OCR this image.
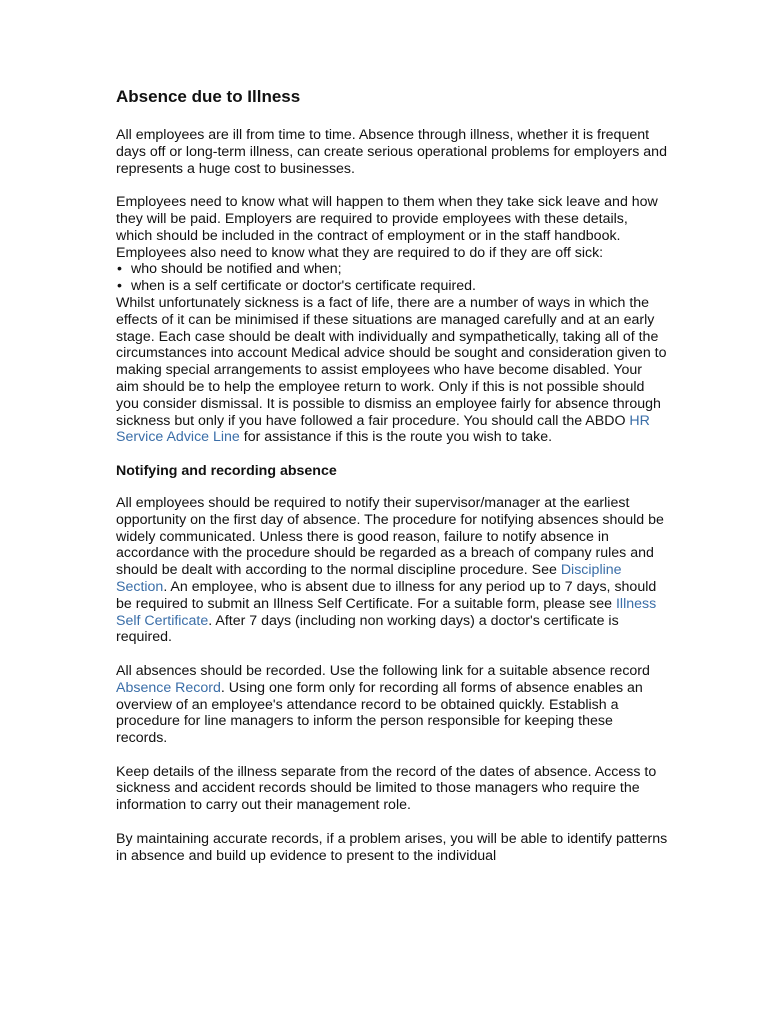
Absence due to Illness

All employees are ill from time to time. Absence through illness, whether it is frequent days off or long-term illness, can create serious operational problems for employers and represents a huge cost to businesses.

Employees need to know what will happen to them when they take sick leave and how they will be paid. Employers are required to provide employees with these details, which should be included in the contract of employment or in the staff handbook. Employees also need to know what they are required to do if they are off sick:

• who should be notified and when;
• when is a self certificate or doctor's certificate required.

Whilst unfortunately sickness is a fact of life, there are a number of ways in which the effects of it can be minimised if these situations are managed carefully and at an early stage. Each case should be dealt with individually and sympathetically, taking all of the circumstances into account Medical advice should be sought and consideration given to making special arrangements to assist employees who have become disabled. Your aim should be to help the employee return to work. Only if this is not possible should you consider dismissal. It is possible to dismiss an employee fairly for absence through sickness but only if you have followed a fair procedure. You should call the ABDO HR Service Advice Line for assistance if this is the route you wish to take.

Notifying and recording absence

All employees should be required to notify their supervisor/manager at the earliest opportunity on the first day of absence. The procedure for notifying absences should be widely communicated. Unless there is good reason, failure to notify absence in accordance with the procedure should be regarded as a breach of company rules and should be dealt with according to the normal discipline procedure. See Discipline Section. An employee, who is absent due to illness for any period up to 7 days, should be required to submit an Illness Self Certificate. For a suitable form, please see Illness Self Certificate. After 7 days (including non working days) a doctor's certificate is required.

All absences should be recorded. Use the following link for a suitable absence record Absence Record. Using one form only for recording all forms of absence enables an overview of an employee's attendance record to be obtained quickly. Establish a procedure for line managers to inform the person responsible for keeping these records.

Keep details of the illness separate from the record of the dates of absence. Access to sickness and accident records should be limited to those managers who require the information to carry out their management role.

By maintaining accurate records, if a problem arises, you will be able to identify patterns in absence and build up evidence to present to the individual
